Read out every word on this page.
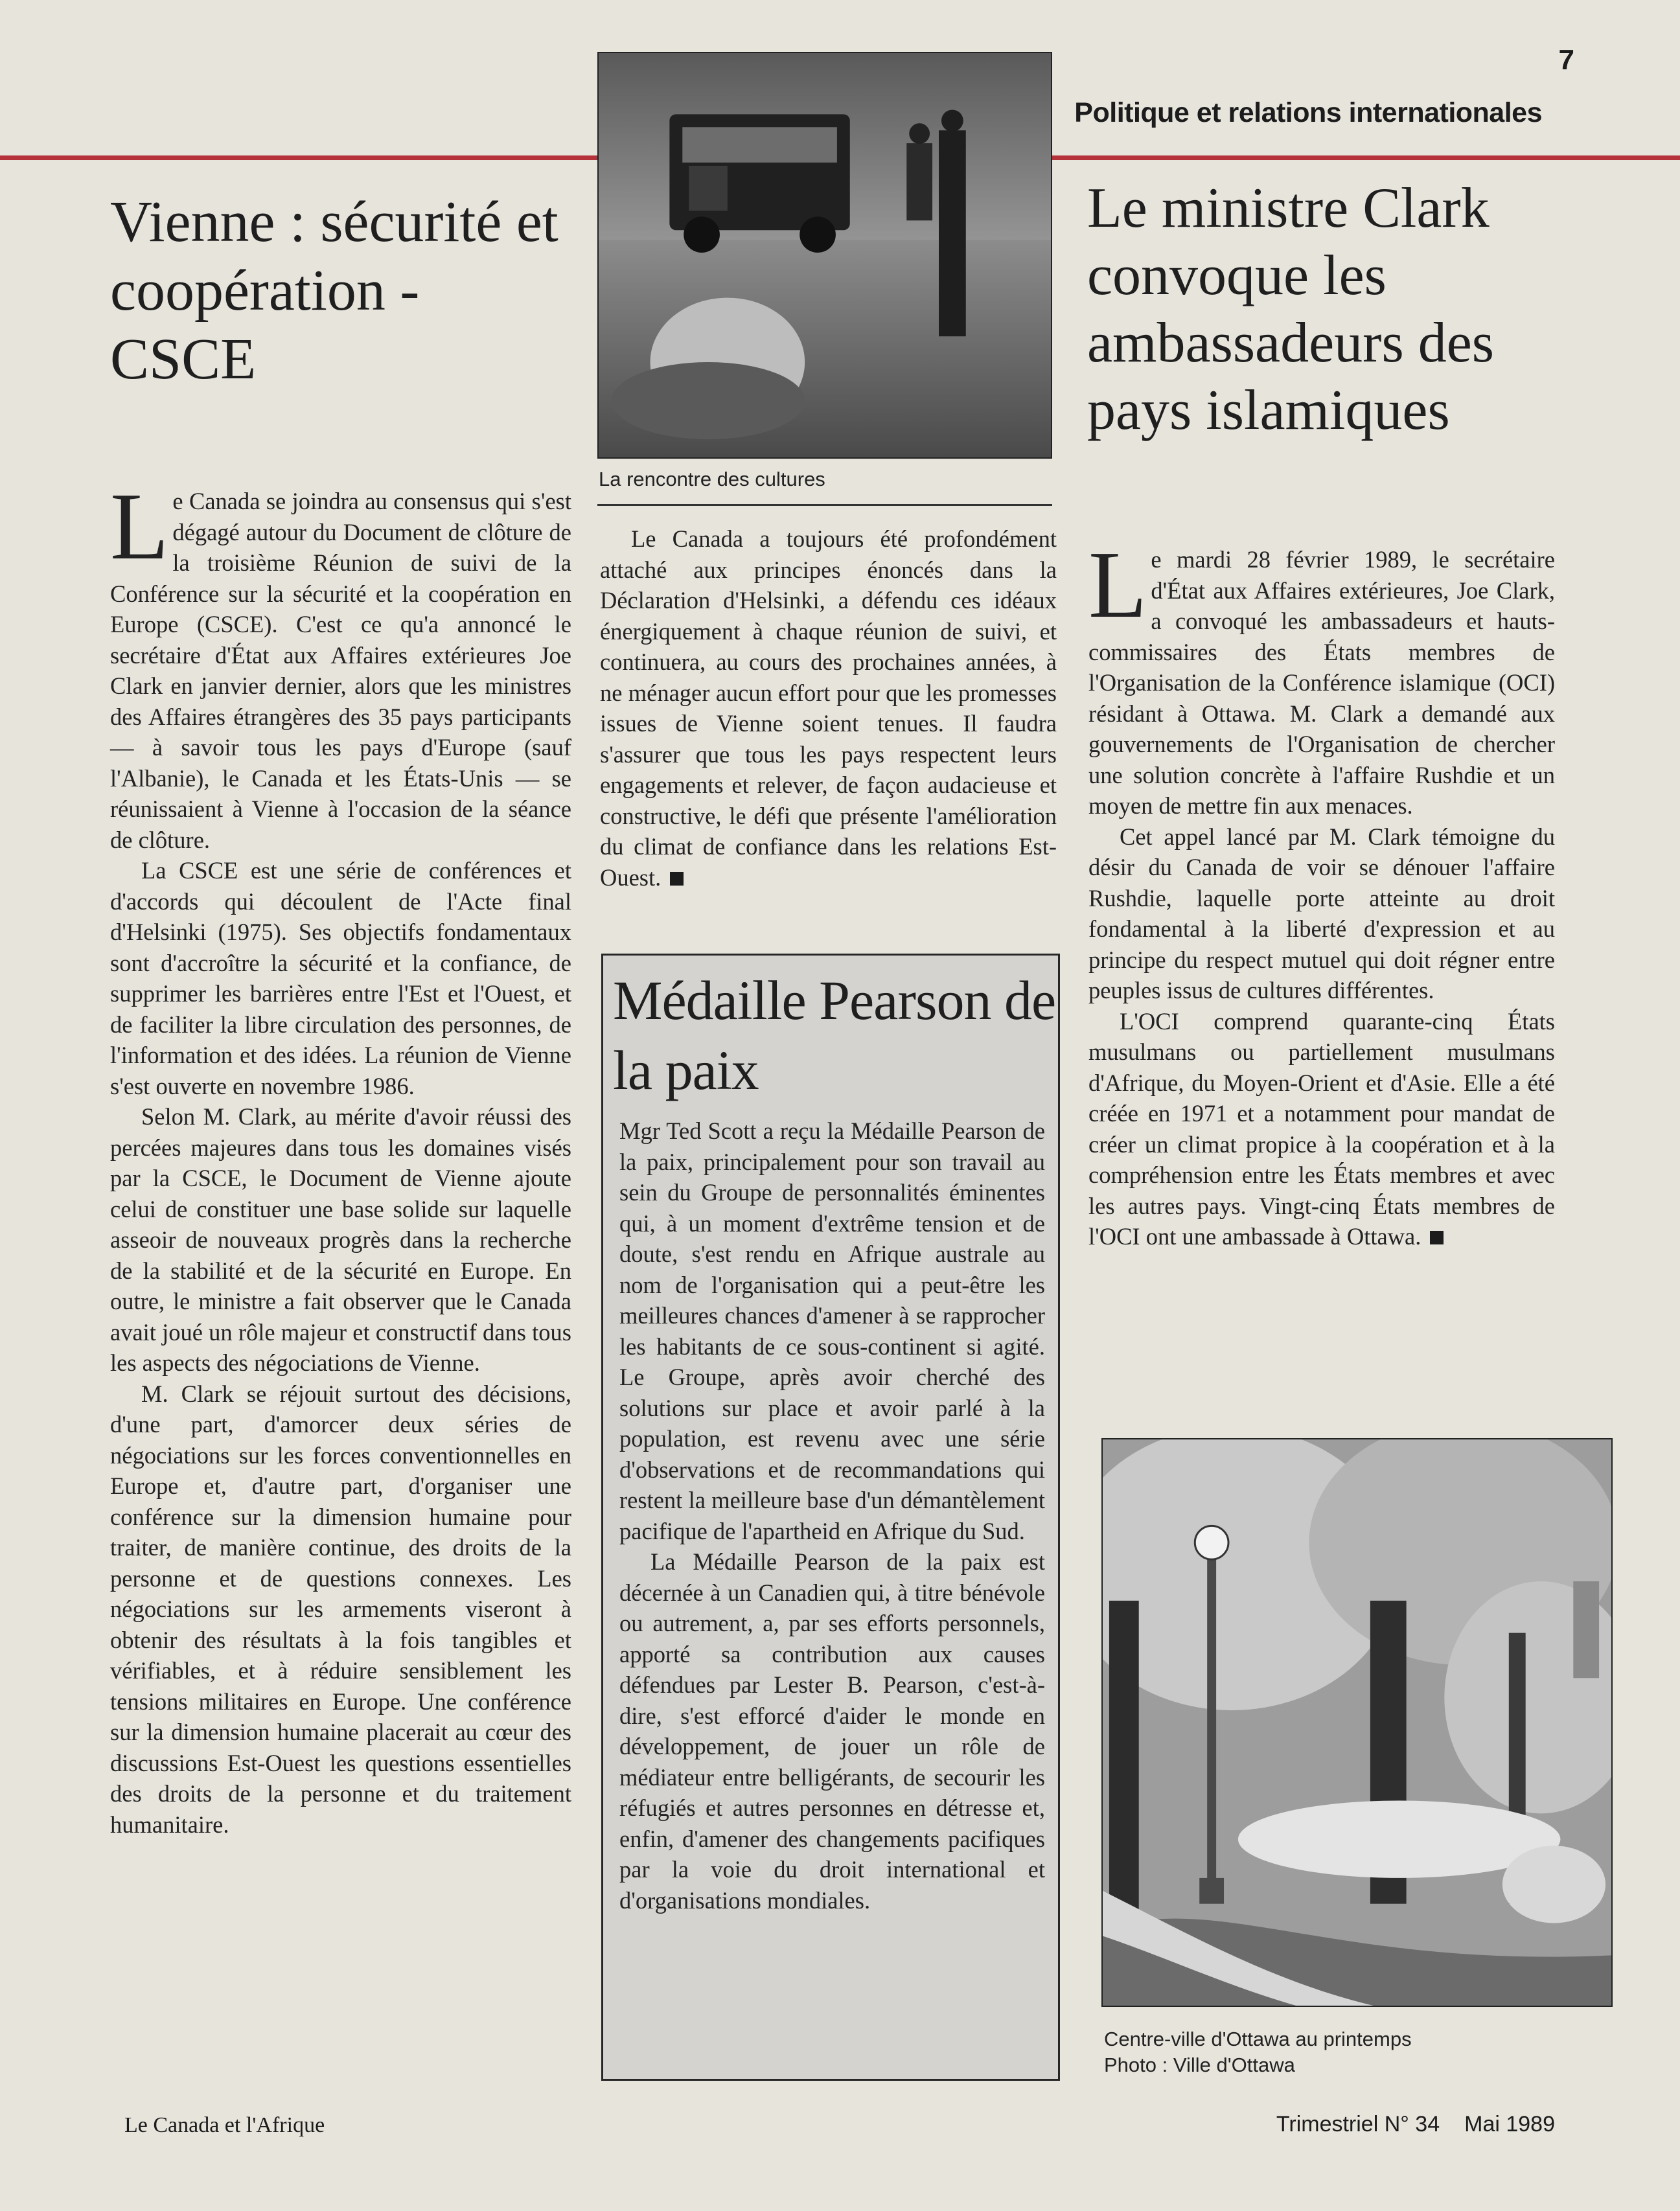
7
Politique et relations internationales
Vienne : sécurité et coopération - CSCE

Le Canada se joindra au consensus qui s'est dégagé autour du Document de clôture de la troisième Réunion de suivi de la Conférence sur la sécurité et la coopération en Europe (CSCE). C'est ce qu'a annoncé le secrétaire d'État aux Affaires extérieures Joe Clark en janvier dernier, alors que les ministres des Affaires étrangères des 35 pays participants — à savoir tous les pays d'Europe (sauf l'Albanie), le Canada et les États-Unis — se réunissaient à Vienne à l'occasion de la séance de clôture.

La CSCE est une série de conférences et d'accords qui découlent de l'Acte final d'Helsinki (1975). Ses objectifs fondamentaux sont d'accroître la sécurité et la confiance, de supprimer les barrières entre l'Est et l'Ouest, et de faciliter la libre circulation des personnes, de l'information et des idées. La réunion de Vienne s'est ouverte en novembre 1986.

Selon M. Clark, au mérite d'avoir réussi des percées majeures dans tous les domaines visés par la CSCE, le Document de Vienne ajoute celui de constituer une base solide sur laquelle asseoir de nouveaux progrès dans la recherche de la stabilité et de la sécurité en Europe. En outre, le ministre a fait observer que le Canada avait joué un rôle majeur et constructif dans tous les aspects des négociations de Vienne.

M. Clark se réjouit surtout des décisions, d'une part, d'amorcer deux séries de négociations sur les forces conventionnelles en Europe et, d'autre part, d'organiser une conférence sur la dimension humaine pour traiter, de manière continue, des droits de la personne et de questions connexes. Les négociations sur les armements viseront à obtenir des résultats à la fois tangibles et vérifiables, et à réduire sensiblement les tensions militaires en Europe. Une conférence sur la dimension humaine placerait au cœur des discussions Est-Ouest les questions essentielles des droits de la personne et du traitement humanitaire.

La rencontre des cultures

Le Canada a toujours été profondément attaché aux principes énoncés dans la Déclaration d'Helsinki, a défendu ces idéaux énergiquement à chaque réunion de suivi, et continuera, au cours des prochaines années, à ne ménager aucun effort pour que les promesses issues de Vienne soient tenues. Il faudra s'assurer que tous les pays respectent leurs engagements et relever, de façon audacieuse et constructive, le défi que présente l'amélioration du climat de confiance dans les relations Est-Ouest.

Médaille Pearson de la paix

Mgr Ted Scott a reçu la Médaille Pearson de la paix, principalement pour son travail au sein du Groupe de personnalités éminentes qui, à un moment d'extrême tension et de doute, s'est rendu en Afrique australe au nom de l'organisation qui a peut-être les meilleures chances d'amener à se rapprocher les habitants de ce sous-continent si agité. Le Groupe, après avoir cherché des solutions sur place et avoir parlé à la population, est revenu avec une série d'observations et de recommandations qui restent la meilleure base d'un démantèlement pacifique de l'apartheid en Afrique du Sud.

La Médaille Pearson de la paix est décernée à un Canadien qui, à titre bénévole ou autrement, a, par ses efforts personnels, apporté sa contribution aux causes défendues par Lester B. Pearson, c'est-à-dire, s'est efforcé d'aider le monde en développement, de jouer un rôle de médiateur entre belligérants, de secourir les réfugiés et autres personnes en détresse et, enfin, d'amener des changements pacifiques par la voie du droit international et d'organisations mondiales.

Le ministre Clark convoque les ambassadeurs des pays islamiques

Le mardi 28 février 1989, le secrétaire d'État aux Affaires extérieures, Joe Clark, a convoqué les ambassadeurs et hauts-commissaires des États membres de l'Organisation de la Conférence islamique (OCI) résidant à Ottawa. M. Clark a demandé aux gouvernements de l'Organisation de chercher une solution concrète à l'affaire Rushdie et un moyen de mettre fin aux menaces.

Cet appel lancé par M. Clark témoigne du désir du Canada de voir se dénouer l'affaire Rushdie, laquelle porte atteinte au droit fondamental à la liberté d'expression et au principe du respect mutuel qui doit régner entre peuples issus de cultures différentes.

L'OCI comprend quarante-cinq États musulmans ou partiellement musulmans d'Afrique, du Moyen-Orient et d'Asie. Elle a été créée en 1971 et a notamment pour mandat de créer un climat propice à la coopération et à la compréhension entre les États membres et avec les autres pays. Vingt-cinq États membres de l'OCI ont une ambassade à Ottawa.

Centre-ville d'Ottawa au printemps
Photo : Ville d'Ottawa
Le Canada et l'Afrique	Trimestriel N° 34 Mai 1989
